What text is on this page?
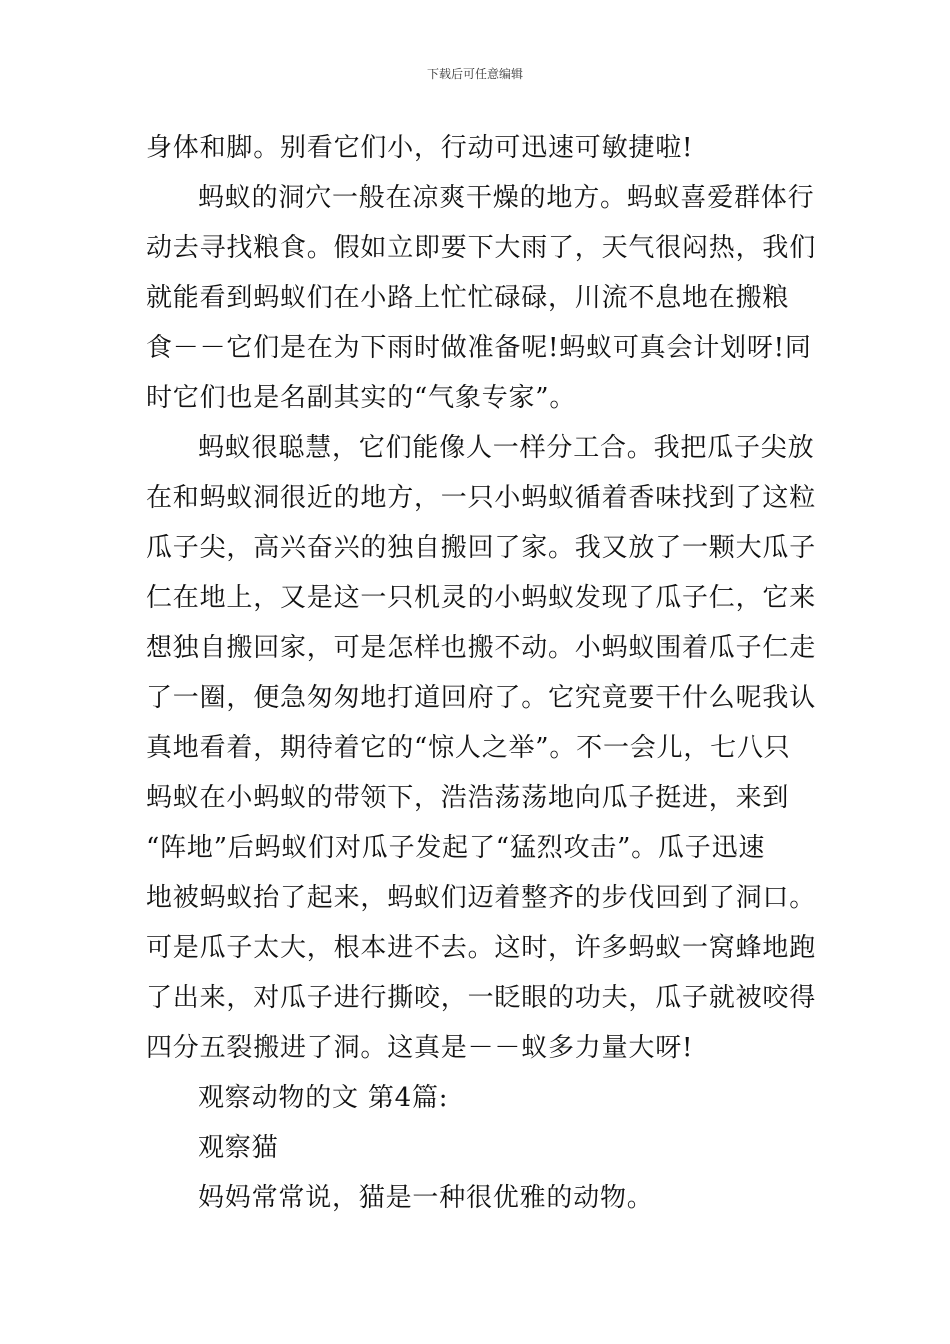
下载后可任意编辑
身体和脚。别看它们小，行动可迅速可敏捷啦!
蚂蚁的洞穴一般在凉爽干燥的地方。蚂蚁喜爱群体行
动去寻找粮食。假如立即要下大雨了，天气很闷热，我们
就能看到蚂蚁们在小路上忙忙碌碌，川流不息地在搬粮
食－－它们是在为下雨时做准备呢!蚂蚁可真会计划呀!同
时它们也是名副其实的“气象专家”。
蚂蚁很聪慧，它们能像人一样分工合。我把瓜子尖放
在和蚂蚁洞很近的地方，一只小蚂蚁循着香味找到了这粒
瓜子尖，高兴奋兴的独自搬回了家。我又放了一颗大瓜子
仁在地上，又是这一只机灵的小蚂蚁发现了瓜子仁，它来
想独自搬回家，可是怎样也搬不动。小蚂蚁围着瓜子仁走
了一圈，便急匆匆地打道回府了。它究竟要干什么呢我认
真地看着，期待着它的“惊人之举”。不一会儿，七八只
蚂蚁在小蚂蚁的带领下，浩浩荡荡地向瓜子挺进，来到
“阵地”后蚂蚁们对瓜子发起了“猛烈攻击”。瓜子迅速
地被蚂蚁抬了起来，蚂蚁们迈着整齐的步伐回到了洞口。
可是瓜子太大，根本进不去。这时，许多蚂蚁一窝蜂地跑
了出来，对瓜子进行撕咬，一眨眼的功夫，瓜子就被咬得
四分五裂搬进了洞。这真是－－蚁多力量大呀!
观察动物的文 第4篇:
观察猫
妈妈常常说，猫是一种很优雅的动物。
